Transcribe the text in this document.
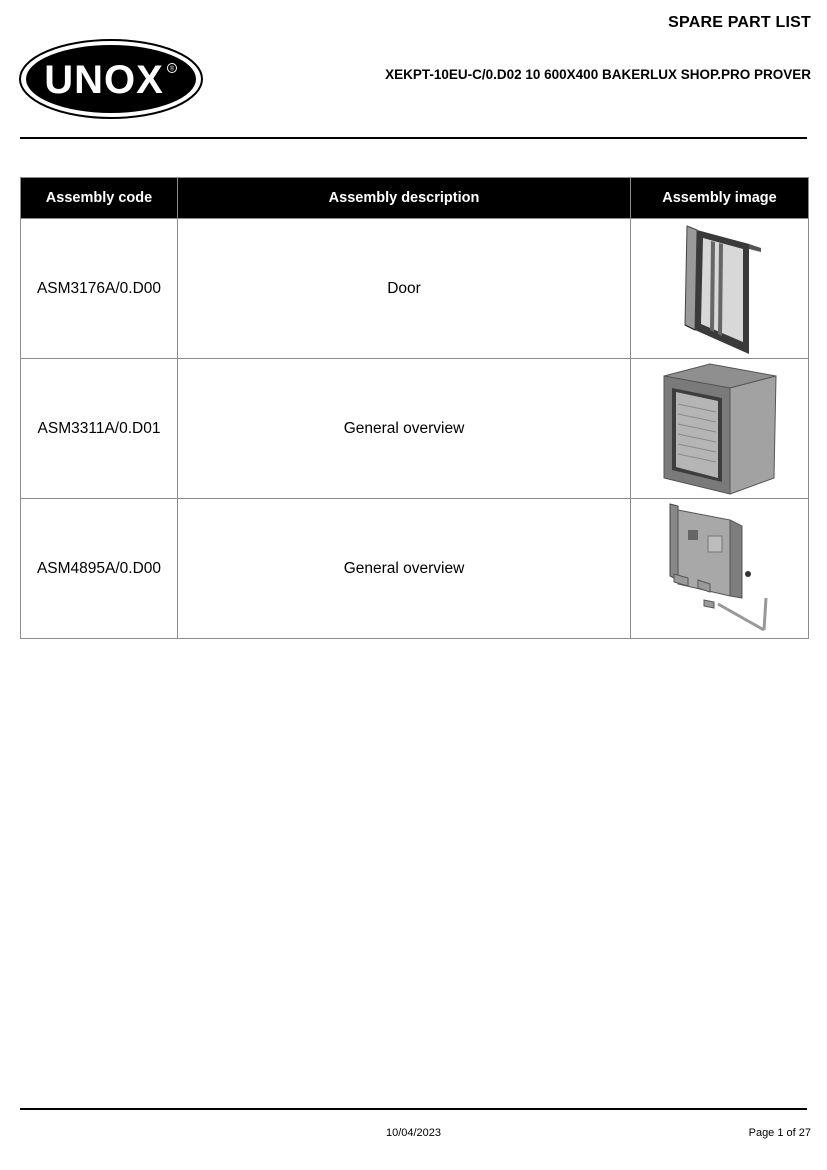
SPARE PART LIST
UNOX ®	XEKPT-10EU-C/0.D02 10 600X400 BAKERLUX SHOP.PRO PROVER
Assembly code	Assembly description	Assembly image
ASM3176A/0.D00	Door	

ASM3311A/0.D01	General overview	

ASM4895A/0.D00	General overview	
10/04/2023	Page 1 of 27
